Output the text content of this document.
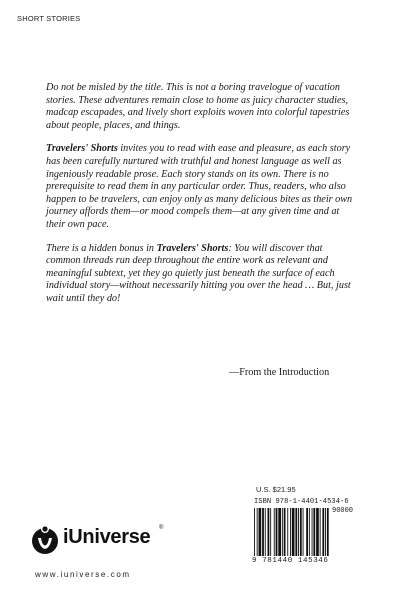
SHORT STORIES

Do not be misled by the title. This is not a boring travelogue of vacation stories. These adventures remain close to home as juicy character studies, madcap escapades, and lively short exploits woven into colorful tapestries about people, places, and things.

Travelers' Shorts invites you to read with ease and pleasure, as each story has been carefully nurtured with truthful and honest language as well as ingeniously readable prose. Each story stands on its own. There is no prerequisite to read them in any particular order. Thus, readers, who also happen to be travelers, can enjoy only as many delicious bites as their own journey affords them—or mood compels them—at any given time and at their own pace.

There is a hidden bonus in Travelers' Shorts: You will discover that common threads run deep throughout the entire work as relevant and meaningful subtext, yet they go quietly just beneath the surface of each individual story—without necessarily hitting you over the head … But, just wait until they do!

—From the Introduction
U.S. $21.95
ISBN 978-1-4401-4534-6
90000
9 781440 145346
iUniverse ®
www.iuniverse.com
